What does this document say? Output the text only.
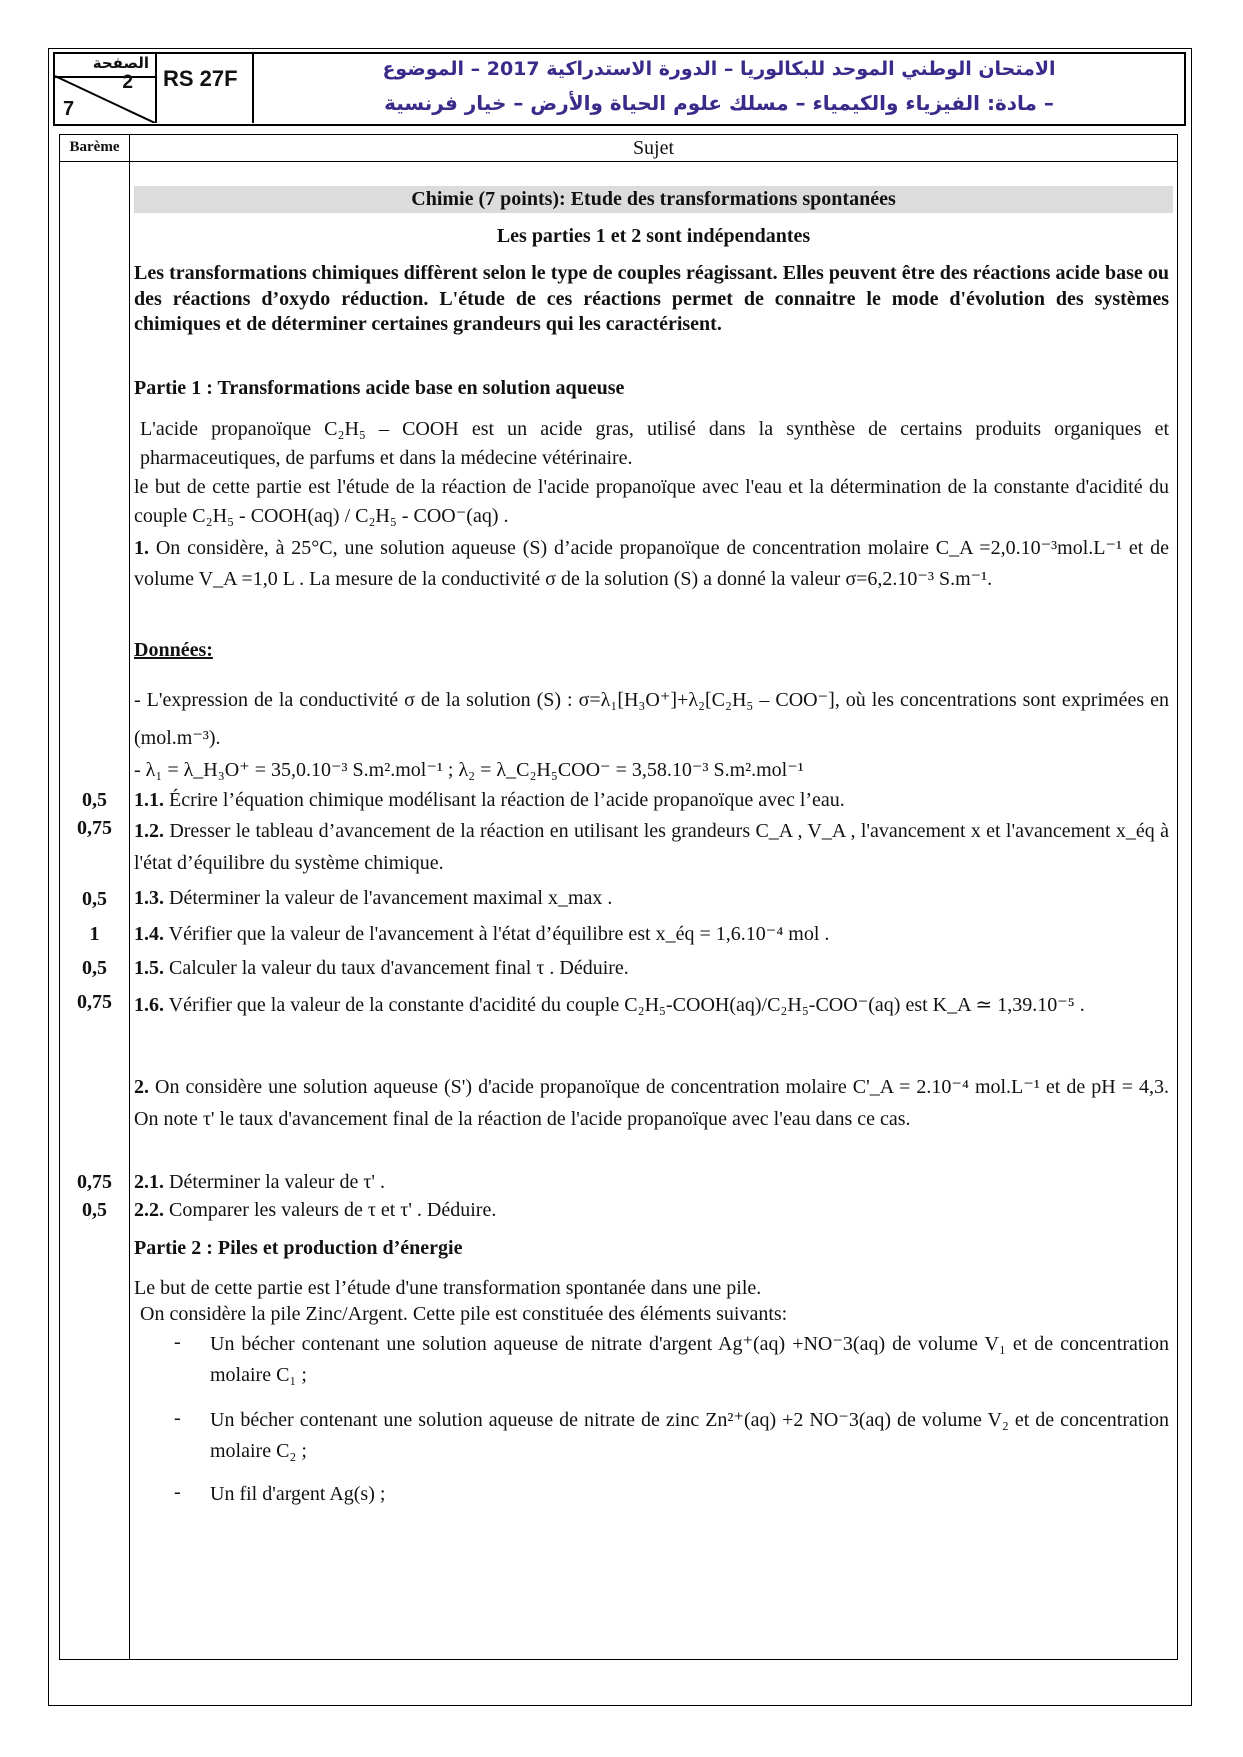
الصفحة
2
7
RS 27F	الامتحان الوطني الموحد للبكالوريا – الدورة الاستدراكية 2017 – الموضوع
– مادة: الفيزياء والكيمياء – مسلك علوم الحياة والأرض – خيار فرنسية
Barème	Sujet
Chimie (7 points): Etude des transformations spontanées
Les parties 1 et 2 sont indépendantes
Les transformations chimiques diffèrent selon le type de couples réagissant. Elles peuvent être des réactions acide base ou des réactions d’oxydo réduction. L'étude de ces réactions permet de connaitre le mode d'évolution des systèmes chimiques et de déterminer certaines grandeurs qui les caractérisent.
Partie 1 : Transformations acide base en solution aqueuse
L'acide propanoïque C₂H₅ – COOH est un acide gras, utilisé dans la synthèse de certains produits organiques et pharmaceutiques, de parfums et dans la médecine vétérinaire.
le but de cette partie est l'étude de la réaction de l'acide propanoïque avec l'eau et la détermination de la constante d'acidité du couple C₂H₅ - COOH(aq) / C₂H₅ - COO⁻(aq) .
1. On considère, à 25°C, une solution aqueuse (S) d’acide propanoïque de concentration molaire C_A =2,0.10⁻³mol.L⁻¹ et de volume V_A =1,0 L . La mesure de la conductivité σ de la solution (S) a donné la valeur σ=6,2.10⁻³ S.m⁻¹.
Données:
- L'expression de la conductivité σ de la solution (S) : σ=λ₁[H₃O⁺]+λ₂[C₂H₅ – COO⁻], où les concentrations sont exprimées en (mol.m⁻³).
- λ₁ = λ_H₃O⁺ = 35,0.10⁻³ S.m².mol⁻¹ ; λ₂ = λ_C₂H₅COO⁻ = 3,58.10⁻³ S.m².mol⁻¹
0,5	1.1. Écrire l’équation chimique modélisant la réaction de l’acide propanoïque avec l’eau.
0,75	1.2. Dresser le tableau d’avancement de la réaction en utilisant les grandeurs C_A , V_A , l'avancement x et l'avancement x_éq à l'état d’équilibre du système chimique.
0,5	1.3. Déterminer la valeur de l'avancement maximal x_max .
1	1.4. Vérifier que la valeur de l'avancement à l'état d’équilibre est x_éq = 1,6.10⁻⁴ mol .
0,5	1.5. Calculer la valeur du taux d'avancement final τ . Déduire.
0,75	1.6. Vérifier que la valeur de la constante d'acidité du couple C₂H₅-COOH(aq)/C₂H₅-COO⁻(aq) est K_A ≃ 1,39.10⁻⁵ .
2. On considère une solution aqueuse (S') d'acide propanoïque de concentration molaire C'_A = 2.10⁻⁴ mol.L⁻¹ et de pH = 4,3. On note τ' le taux d'avancement final de la réaction de l'acide propanoïque avec l'eau dans ce cas.
0,75	2.1. Déterminer la valeur de τ' .
0,5	2.2. Comparer les valeurs de τ et τ' . Déduire.
Partie 2 : Piles et production d’énergie
Le but de cette partie est l’étude d'une transformation spontanée dans une pile.
On considère la pile Zinc/Argent. Cette pile est constituée des éléments suivants:
- Un bécher contenant une solution aqueuse de nitrate d'argent Ag⁺(aq) +NO⁻3(aq) de volume V₁ et de concentration molaire C₁ ;
- Un bécher contenant une solution aqueuse de nitrate de zinc Zn²⁺(aq) +2 NO⁻3(aq) de volume V₂ et de concentration molaire C₂ ;
- Un fil d'argent Ag(s) ;
